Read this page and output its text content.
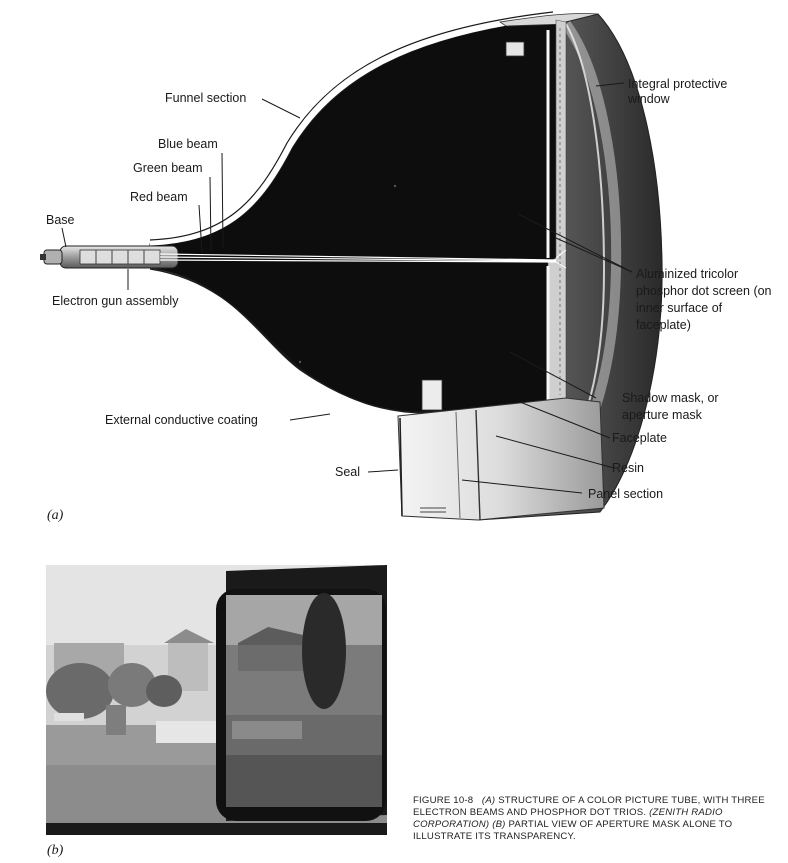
Funnel section
Blue beam
Green beam
Red beam
Base
Electron gun assembly
External conductive coating
Seal
Integral protective window
Aluminized tricolor phosphor dot screen (on inner surface of faceplate)
Shadow mask, or aperture mask
Faceplate
Resin
Panel section
(a)
(b)
FIGURE 10-8 (A) STRUCTURE OF A COLOR PICTURE TUBE, WITH THREE ELECTRON BEAMS AND PHOSPHOR DOT TRIOS. (ZENITH RADIO CORPORATION) (B) PARTIAL VIEW OF APERTURE MASK ALONE TO ILLUSTRATE ITS TRANSPARENCY.
